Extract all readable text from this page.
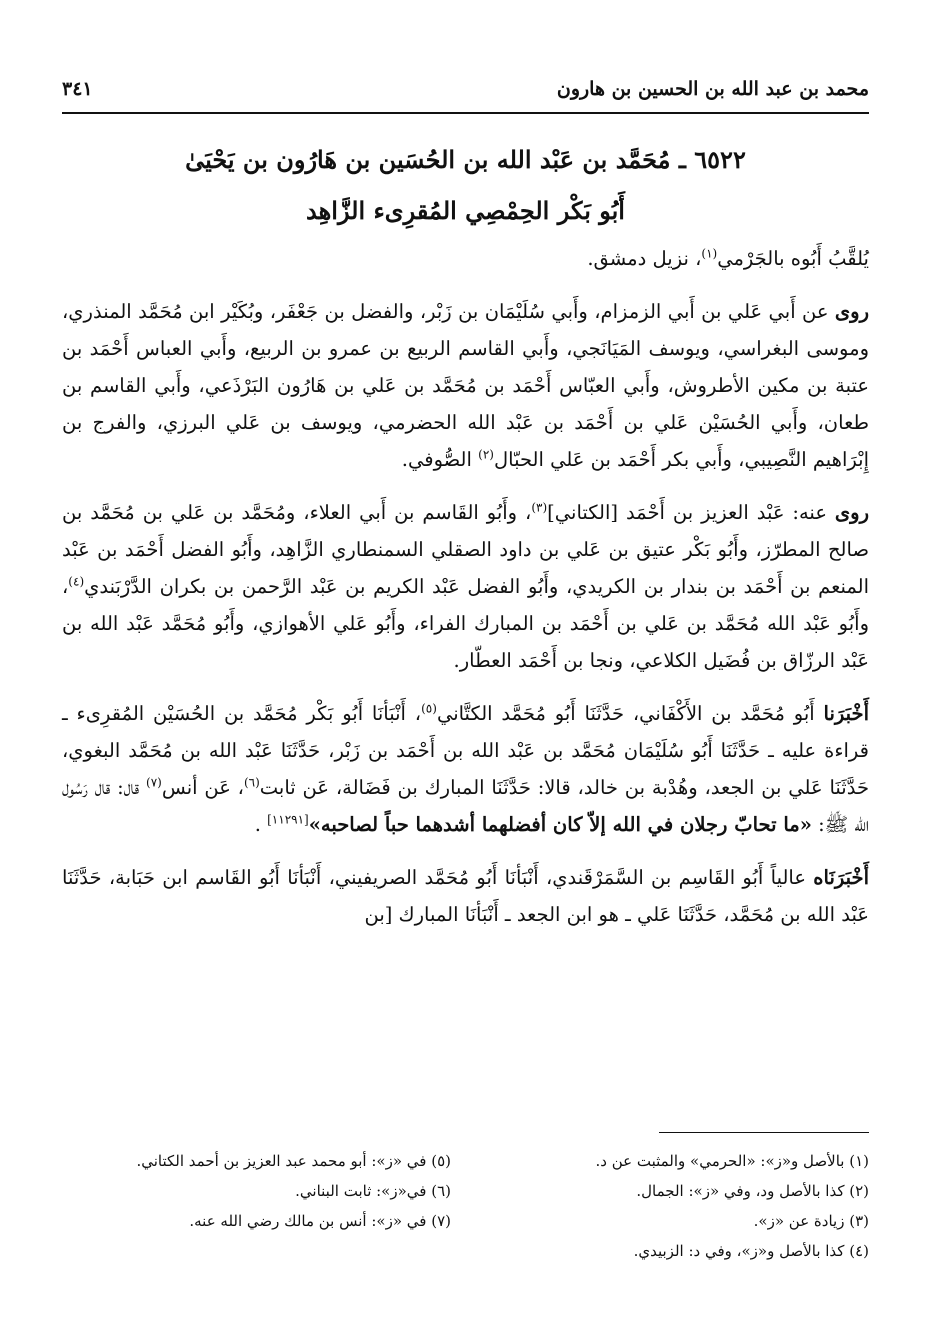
محمد بن عبد الله بن الحسين بن هارون
٣٤١
٦٥٢٢ ـ مُحَمَّد بن عَبْد الله بن الحُسَين بن هَارُون بن يَحْيَىٰ
أَبُو بَكْر الحِمْصِي المُقرِىء الزَّاهِد

يُلقَّبُ أَبُوه بالجَرْمي$^{(١)}$، نزيل دمشق.

روى عن أَبي عَلي بن أَبي الزمزام، وأَبي سُلَيْمَان بن زَبْر، والفضل بن جَعْفَر، وبُكَيْر ابن مُحَمَّد المنذري، وموسى البغراسي، ويوسف المَيَانَجي، وأَبي القاسم الربيع بن عمرو بن الربيع، وأَبي العباس أَحْمَد بن عتبة بن مكين الأطروش، وأَبي العبّاس أَحْمَد بن مُحَمَّد بن عَلي بن هَارُون البَرْذَعي، وأَبي القاسم بن طعان، وأَبي الحُسَيْن عَلي بن أَحْمَد بن عَبْد الله الحضرمي، ويوسف بن عَلي البرزي، والفرج بن إِبْرَاهيم النَّصِيبي، وأَبي بكر أَحْمَد بن عَلي الحبّال$^{(٢)}$ الصُّوفي.

روى عنه: عَبْد العزيز بن أَحْمَد [الكتاني]$^{(٣)}$، وأَبُو القَاسم بن أَبي العلاء، ومُحَمَّد بن عَلي بن مُحَمَّد بن صالح المطرّز، وأَبُو بَكْر عتيق بن عَلي بن داود الصقلي السمنطاري الزَّاهِد، وأَبُو الفضل أَحْمَد بن عَبْد المنعم بن أَحْمَد بن بندار بن الكريدي، وأَبُو الفضل عَبْد الكريم بن عَبْد الرَّحمن بن بكران الدَّرْبَندي$^{(٤)}$، وأَبُو عَبْد الله مُحَمَّد بن عَلي بن أَحْمَد بن المبارك الفراء، وأَبُو عَلي الأهوازي، وأَبُو مُحَمَّد عَبْد الله بن عَبْد الرزّاق بن فُضَيل الكلاعي، ونجا بن أَحْمَد العطّار.

أَخْبَرَنا أَبُو مُحَمَّد بن الأَكْفَاني، حَدَّثَنَا أَبُو مُحَمَّد الكتَّاني$^{(٥)}$، أَنْبَأنَا أَبُو بَكْر مُحَمَّد بن الحُسَيْن المُقرِىء ـ قراءة عليه ـ حَدَّثَنَا أَبُو سُلَيْمَان مُحَمَّد بن عَبْد الله بن أَحْمَد بن زَبْر، حَدَّثَنَا عَبْد الله بن مُحَمَّد البغوي، حَدَّثَنَا عَلي بن الجعد، وهُدْبة بن خالد، قالا: حَدَّثَنَا المبارك بن فَضَالة، عَن ثابت$^{(٦)}$، عَن أنس$^{(٧)}$ قال: قال رَسُول الله ﷺ: «ما تحابّ رجلان في الله إلاّ كان أفضلهما أشدهما حباً لصاحبه»[١١٢٩١] .

أَخْبَرَنَاه عالياً أَبُو القَاسِم بن السَّمَرْقَندي، أَنْبَأنَا أَبُو مُحَمَّد الصريفيني، أَنْبَأنَا أَبُو القَاسم ابن حَبَابة، حَدَّثَنَا عَبْد الله بن مُحَمَّد، حَدَّثَنَا عَلي ـ هو ابن الجعد ـ أَنْبَأنَا المبارك [بن

(١) بالأصل و«ز»: «الحرمي» والمثبت عن د.
(٢) كذا بالأصل ود، وفي «ز»: الجمال.
(٣) زيادة عن «ز».
(٤) كذا بالأصل و«ز»، وفي د: الزبيدي.
(٥) في «ز»: أبو محمد عبد العزيز بن أحمد الكتاني.
(٦) في«ز»: ثابت البناني.
(٧) في «ز»: أنس بن مالك رضي الله عنه.
